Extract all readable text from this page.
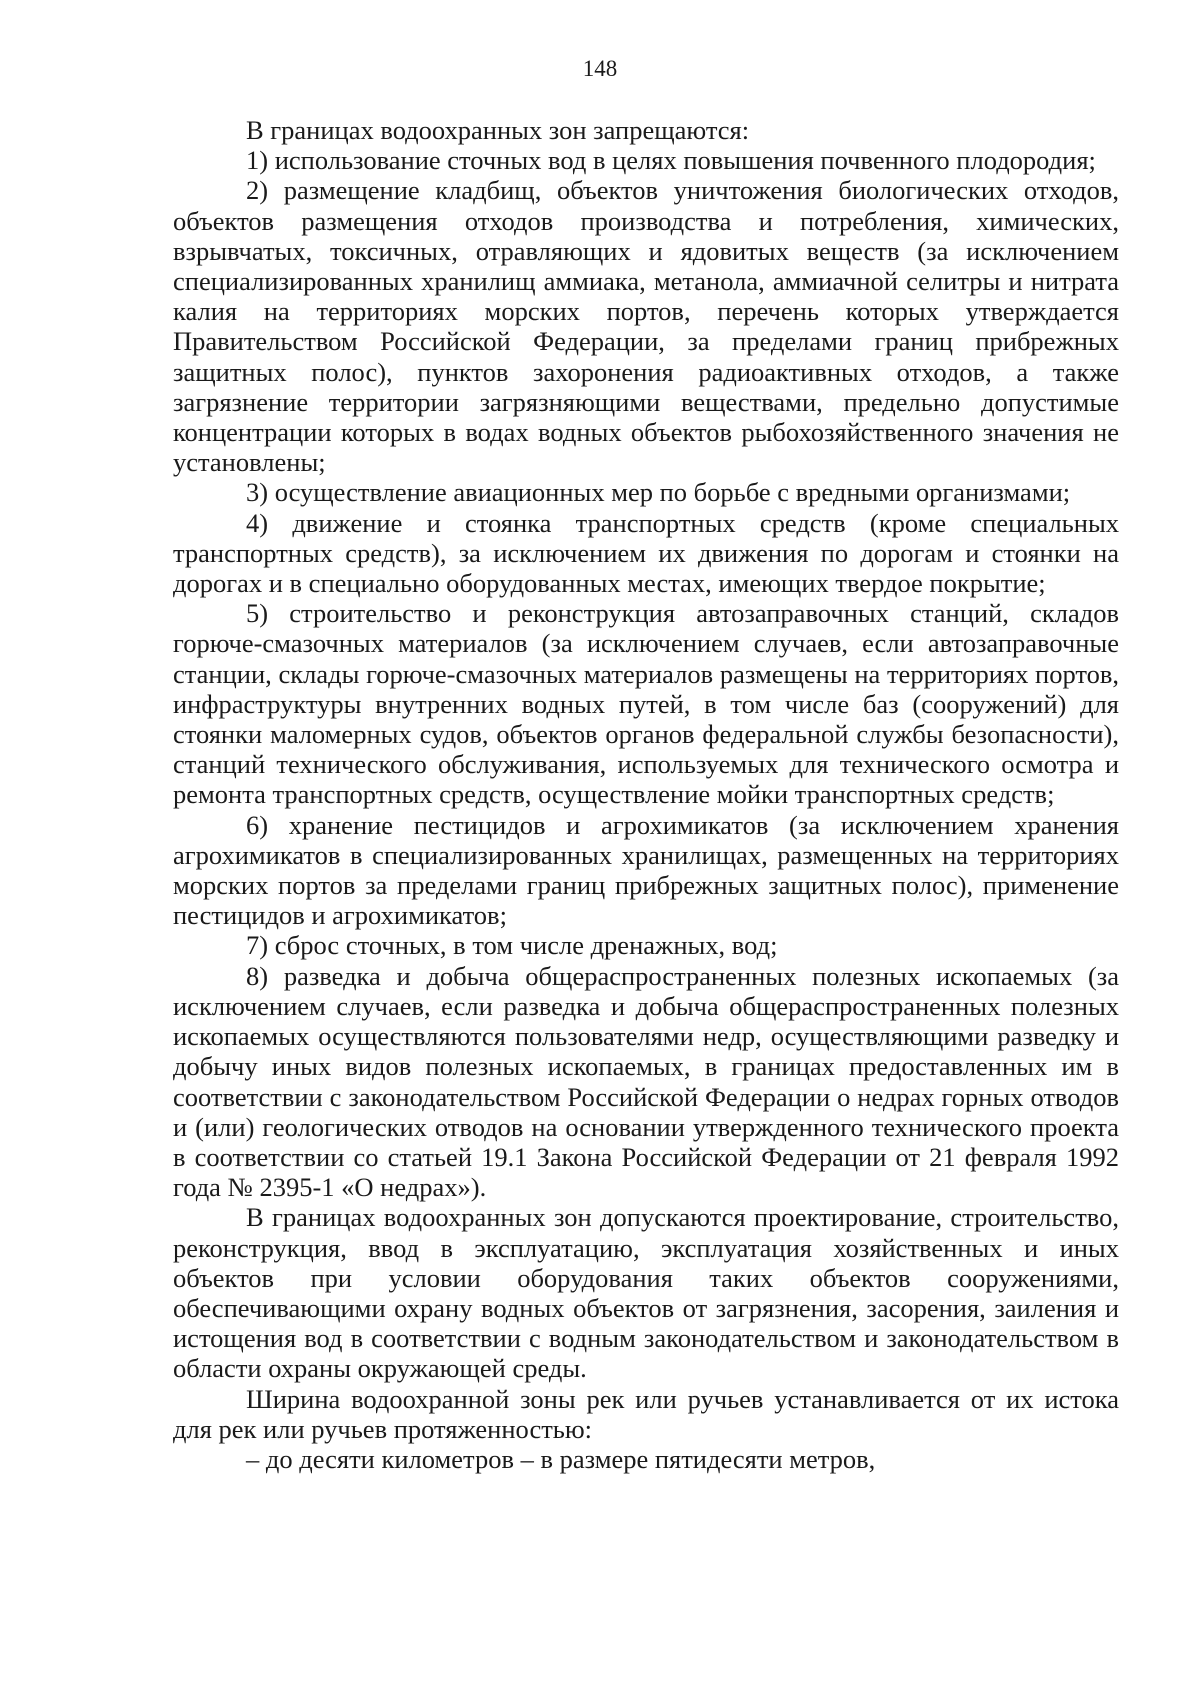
148

В границах водоохранных зон запрещаются:

1) использование сточных вод в целях повышения почвенного плодородия;

2) размещение кладбищ, объектов уничтожения биологических отходов, объектов размещения отходов производства и потребления, химических, взрывчатых, токсичных, отравляющих и ядовитых веществ (за исключением специализированных хранилищ аммиака, метанола, аммиачной селитры и нитрата калия на территориях морских портов, перечень которых утверждается Правительством Российской Федерации, за пределами границ прибрежных защитных полос), пунктов захоронения радиоактивных отходов, а также загрязнение территории загрязняющими веществами, предельно допустимые концентрации которых в водах водных объектов рыбохозяйственного значения не установлены;

3) осуществление авиационных мер по борьбе с вредными организмами;

4) движение и стоянка транспортных средств (кроме специальных транспортных средств), за исключением их движения по дорогам и стоянки на дорогах и в специально оборудованных местах, имеющих твердое покрытие;

5) строительство и реконструкция автозаправочных станций, складов горюче-смазочных материалов (за исключением случаев, если автозаправочные станции, склады горюче-смазочных материалов размещены на территориях портов, инфраструктуры внутренних водных путей, в том числе баз (сооружений) для стоянки маломерных судов, объектов органов федеральной службы безопасности), станций технического обслуживания, используемых для технического осмотра и ремонта транспортных средств, осуществление мойки транспортных средств;

6) хранение пестицидов и агрохимикатов (за исключением хранения агрохимикатов в специализированных хранилищах, размещенных на территориях морских портов за пределами границ прибрежных защитных полос), применение пестицидов и агрохимикатов;

7) сброс сточных, в том числе дренажных, вод;

8) разведка и добыча общераспространенных полезных ископаемых (за исключением случаев, если разведка и добыча общераспространенных полезных ископаемых осуществляются пользователями недр, осуществляющими разведку и добычу иных видов полезных ископаемых, в границах предоставленных им в соответствии с законодательством Российской Федерации о недрах горных отводов и (или) геологических отводов на основании утвержденного технического проекта в соответствии со статьей 19.1 Закона Российской Федерации от 21 февраля 1992 года № 2395-1 «О недрах»).

В границах водоохранных зон допускаются проектирование, строительство, реконструкция, ввод в эксплуатацию, эксплуатация хозяйственных и иных объектов при условии оборудования таких объектов сооружениями, обеспечивающими охрану водных объектов от загрязнения, засорения, заиления и истощения вод в соответствии с водным законодательством и законодательством в области охраны окружающей среды.

Ширина водоохранной зоны рек или ручьев устанавливается от их истока для рек или ручьев протяженностью:

– до десяти километров – в размере пятидесяти метров,
